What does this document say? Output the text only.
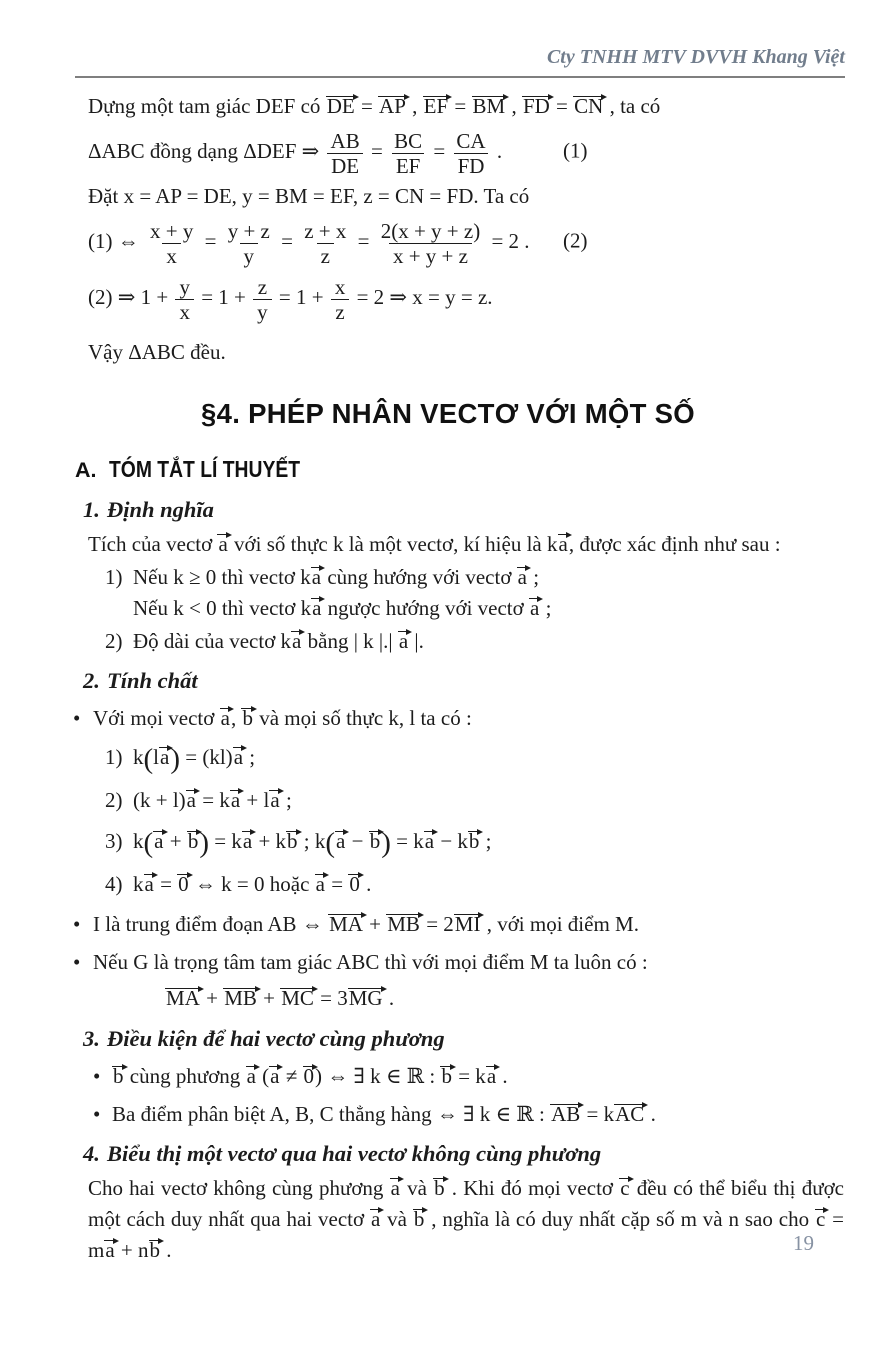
Cty TNHH MTV DVVH Khang Việt
Dựng một tam giác DEF có DE = AP , EF = BM , FD = CN , ta có
ΔABC đồng dạng ΔDEF ⇒ $\frac{AB}{DE} = \frac{BC}{EF} = \frac{CA}{FD}$ .	(1)
Đặt x = AP = DE, y = BM = EF, z = CN = FD. Ta có
(1) ⇔ $\frac{x + y}{x} = \frac{y + z}{y} = \frac{z + x}{z} = \frac{2(x + y + z)}{x + y + z} = 2$ . (2)
(2) ⇒ $1 + \frac{y}{x} = 1 + \frac{z}{y} = 1 + \frac{x}{z} = 2$ ⇒ x = y = z.
Vậy ΔABC đều.
§4. PHÉP NHÂN VECTƠ VỚI MỘT SỐ
A. TÓM TẮT LÍ THUYẾT
1. Định nghĩa
Tích của vectơ a với số thực k là một vectơ, kí hiệu là ka, được xác định như sau :
1) Nếu k ≥ 0 thì vectơ ka cùng hướng với vectơ a ;
Nếu k < 0 thì vectơ ka ngược hướng với vectơ a ;
2) Độ dài của vectơ ka bằng | k |.| a |.
2. Tính chất
• Với mọi vectơ a, b và mọi số thực k, l ta có :
1) k(la) = (kl)a ;
2) (k + l)a = ka + la ;
3) k(a + b) = ka + kb ; k(a − b) = ka − kb ;
4) ka = 0 ⇔ k = 0 hoặc a = 0 .
• I là trung điểm đoạn AB ⇔ MA + MB = 2MI , với mọi điểm M.
• Nếu G là trọng tâm tam giác ABC thì với mọi điểm M ta luôn có :
MA + MB + MC = 3MG .
3. Điều kiện để hai vectơ cùng phương
• b cùng phương a (a ≠ 0) ⇔ ∃ k ∈ ℝ : b = ka .
• Ba điểm phân biệt A, B, C thẳng hàng ⇔ ∃ k ∈ ℝ : AB = kAC .
4. Biểu thị một vectơ qua hai vectơ không cùng phương
Cho hai vectơ không cùng phương a và b . Khi đó mọi vectơ c đều có thể biểu thị được một cách duy nhất qua hai vectơ a và b , nghĩa là có duy nhất cặp số m và n sao cho c = ma + nb .	19
